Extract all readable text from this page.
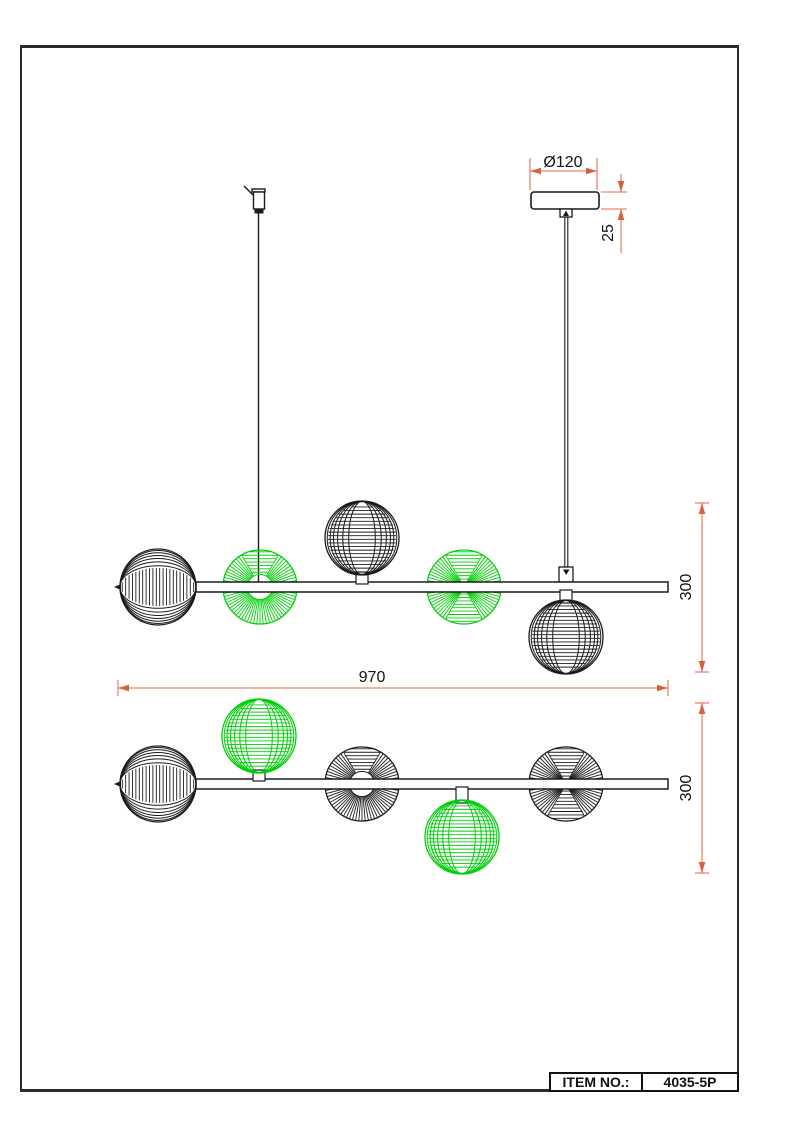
Ø120
25
970
300
300
ITEM NO.:	4035-5P
